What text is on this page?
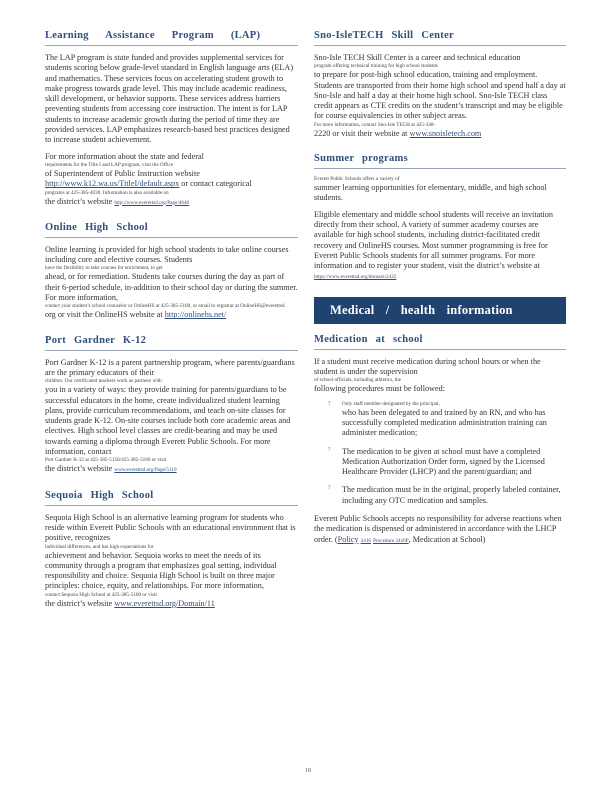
Learning Assistance Program (LAP)

The LAP program is state funded and provides supplemental services for students scoring below grade-level standard in English language arts (ELA) and mathematics. These services focus on accelerating student growth to make progress towards grade level. This may include academic readiness, skill development, or behavior supports. These services address barriers preventing students from accessing core instruction. The intent is for LAP students to increase academic growth during the period of time they are provided services. LAP emphasizes research-based best practices designed to increase student achievement.

For more information about the state and federal
requirements for the Title I and LAP program, visit the Office
of Superintendent of Public Instruction website http://www.k12.wa.us/TitleI/default.aspx or contact categorical
programs at 425-385-4030. Information is also available on
the district’s website http://www.everettsd.org/Page/4640

Online High School

Online learning is provided for high school students to take online courses including core and elective courses. Students
have the flexibility to take courses for enrichment, to get
ahead, or for remediation. Students take courses during the day as part of their 6-period schedule, in-addition to their school day or during the summer. For more information,
contact your student’s school counselor or OnlineHS at 425-385-5100, or email to registrar at OnlineHS@everettsd.
org or visit the OnlineHS website at http://onlinehs.net/

Port Gardner K-12

Port Gardner K-12 is a parent partnership program, where parents/guardians are the primary educators of their
children. Our certificated teachers work as partners with
you in a variety of ways: they provide training for parents/guardians to be successful educators in the home, create individualized student learning plans, provide curriculum recommendations, and teach on-site classes for students grade K-12. On-site courses include both core academic areas and electives. High school level classes are credit-bearing and may be used towards earning a diploma through Everett Public Schools. For more information, contact
Port Gardner K-12 at 425-385-5150/425-385-5160 or visit
the district’s website www.everettsd.org/Page/5119

Sequoia High School

Sequoia High School is an alternative learning program for students who reside within Everett Public Schools with an educational environment that is positive, recognizes
individual differences, and has high expectations for
achievement and behavior. Sequoia works to meet the needs of its community through a program that emphasizes goal setting, individual responsibility and choice. Sequoia High School is built on three major principles: choice, equity, and relationships. For more information,
contact Sequoia High School at 425-385-5100 or visit
the district’s website www.everettsd.org/Domain/11

Sno-IsleTECH Skill Center

Sno-Isle TECH Skill Center is a career and technical education
program offering technical training for high school students
to prepare for post-high school education, training and employment. Students are transported from their home high school and spend half a day at Sno-Isle and half a day at their home high school. Sno-Isle TECH class credit appears as CTE credits on the student’s transcript and may be eligible for course equivalencies in other subject areas.
For more information, contact Sno-Isle TECH at 425-348-
2220 or visit their website at www.snoisletech.com

Summer programs

Everett Public Schools offers a variety of
summer learning opportunities for elementary, middle, and high school students.

Eligible elementary and middle school students will receive an invitation directly from their school. A variety of summer academy courses are available for high school students, including district-facilitated credit recovery and OnlineHS courses. Most summer programming is free for Everett Public Schools students for all summer programs. For more information and to register your student, visit the district’s website at https://www.everettsd.org/domain/2422

Medical / health information
Medication at school

If a student must receive medication during school hours or when the student is under the supervision
of school officials, including athletics, the
following procedures must be followed:

7 Only staff member designated by the principal,
who has been delegated to and trained by an RN, and who has successfully completed medication administration training can administer medication;

7 The medication to be given at school must have a completed Medication Authorization Order form, signed by the Licensed Healthcare Provider (LHCP) and the parent/guardian; and

7 The medication must be in the original, properly labeled container, including any OTC medication and samples.

Everett Public Schools accepts no responsibility for adverse reactions when the medication is dispensed or administered in accordance with the LHCP order. (Policy 3416 Procedure 3416P, Medication at School)

18
